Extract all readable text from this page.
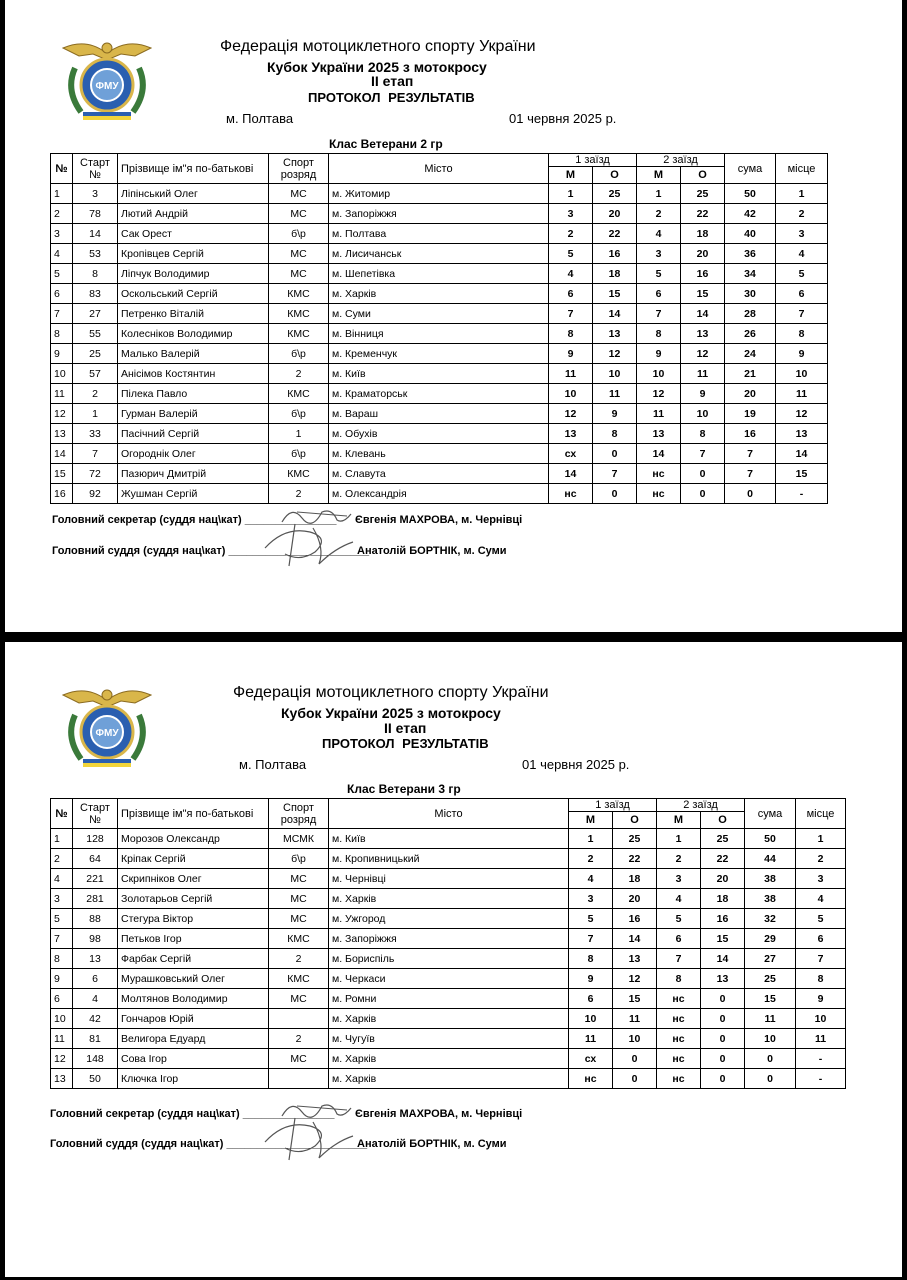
ФМУ
Федерація мотоциклетного спорту України
Кубок України 2025 з мотокросу
ІІ етап
ПРОТОКОЛ РЕЗУЛЬТАТІВ
м. Полтава	01 червня 2025 р.
Клас Ветерани 2 гр
№	Старт №	Прізвище ім"я по-батькові	Спорт розряд	Місто	1 заїзд		2 заїзд		сума	місце
					М	О	М	О		
1	3	Ліпінський Олег	МС	м. Житомир	1	25	1	25	50	1
2	78	Лютий Андрій	МС	м. Запоріжжя	3	20	2	22	42	2
3	14	Сак Орест	б\р	м. Полтава	2	22	4	18	40	3
4	53	Кропівцев Сергій	МС	м. Лисичанськ	5	16	3	20	36	4
5	8	Ліпчук Володимир	МС	м. Шепетівка	4	18	5	16	34	5
6	83	Оскольський Сергій	КМС	м. Харків	6	15	6	15	30	6
7	27	Петренко Віталій	КМС	м. Суми	7	14	7	14	28	7
8	55	Колесніков Володимир	КМС	м. Вінниця	8	13	8	13	26	8
9	25	Малько Валерій	б\р	м. Кременчук	9	12	9	12	24	9
10	57	Анісімов Костянтин	2	м. Київ	11	10	10	11	21	10
11	2	Пілека Павло	КМС	м. Краматорськ	10	11	12	9	20	11
12	1	Гурман Валерій	б\р	м. Вараш	12	9	11	10	19	12
13	33	Пасічний Сергій	1	м. Обухів	13	8	13	8	16	13
14	7	Огороднік Олег	б\р	м. Клевань	сх	0	14	7	7	14
15	72	Пазюрич Дмитрій	КМС	м. Славута	14	7	нс	0	7	15
16	92	Жушман Сергій	2	м. Олександрія	нс	0	нс	0	0	-
Головний секретар (суддя нац\кат) _______________ Євгенія МАХРОВА, м. Чернівці
Головний суддя (суддя нац\кат) _______________________
Анатолій БОРТНІК, м. Суми
ФМУ
Федерація мотоциклетного спорту України
Кубок України 2025 з мотокросу
ІІ етап
ПРОТОКОЛ РЕЗУЛЬТАТІВ
м. Полтава	01 червня 2025 р.
Клас Ветерани 3 гр
№	Старт №	Прізвище ім"я по-батькові	Спорт розряд	Місто	1 заїзд		2 заїзд		сума	місце
					М	О	М	О		
1	128	Морозов Олександр	МСМК	м. Київ	1	25	1	25	50	1
2	64	Кріпак Сергій	б\р	м. Кропивницький	2	22	2	22	44	2
4	221	Скрипніков Олег	МС	м. Чернівці	4	18	3	20	38	3
3	281	Золотарьов Сергій	МС	м. Харків	3	20	4	18	38	4
5	88	Стегура Віктор	МС	м. Ужгород	5	16	5	16	32	5
7	98	Петьков Ігор	КМС	м. Запоріжжя	7	14	6	15	29	6
8	13	Фарбак Сергій	2	м. Бориспіль	8	13	7	14	27	7
9	6	Мурашковський Олег	КМС	м. Черкаси	9	12	8	13	25	8
6	4	Молтянов Володимир	МС	м. Ромни	6	15	нс	0	15	9
10	42	Гончаров Юрій		м. Харків	10	11	нс	0	11	10
11	81	Велигора Едуард	2	м. Чугуїв	11	10	нс	0	10	11
12	148	Сова Ігор	МС	м. Харків	сх	0	нс	0	0	-
13	50	Ключка Ігор		м. Харків	нс	0	нс	0	0	-
Головний секретар (суддя нац\кат) _______________ Євгенія МАХРОВА, м. Чернівці
Головний суддя (суддя нац\кат) _______________________
Анатолій БОРТНІК, м. Суми
